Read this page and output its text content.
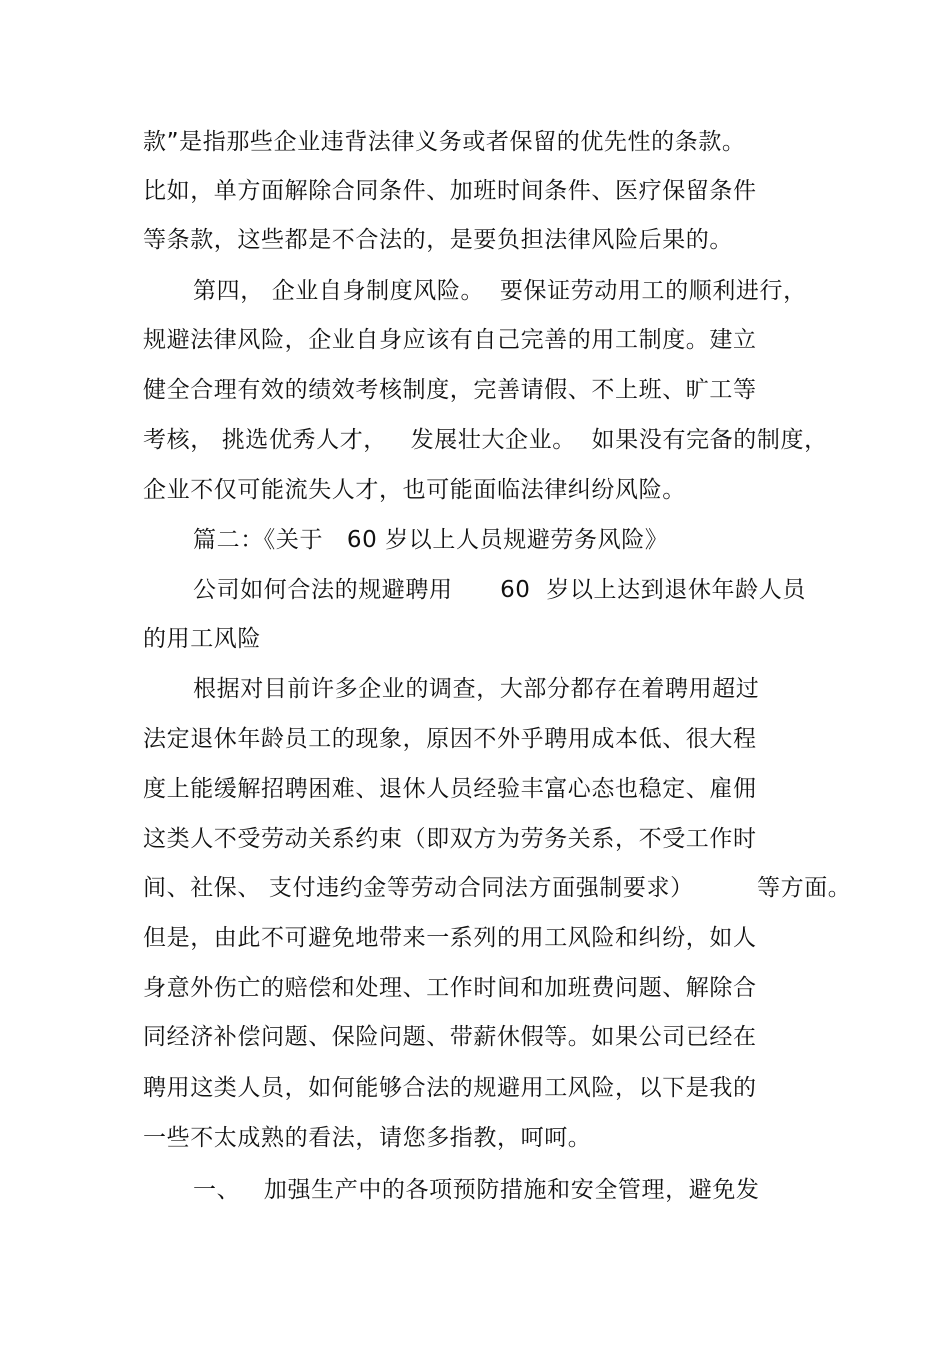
款”是指那些企业违背法律义务或者保留的优先性的条款。
比如，单方面解除合同条件、加班时间条件、医疗保留条件
等条款，这些都是不合法的，是要负担法律风险后果的。
第四， 企业自身制度风险。  要保证劳动用工的顺利进行，
规避法律风险，企业自身应该有自己完善的用工制度。建立
健全合理有效的绩效考核制度，完善请假、不上班、旷工等
考核， 挑选优秀人才，   发展壮大企业。  如果没有完备的制度，
企业不仅可能流失人才，也可能面临法律纠纷风险。
篇二：《关于   60 岁以上人员规避劳务风险》
公司如何合法的规避聘用      60  岁以上达到退休年龄人员
的用工风险
根据对目前许多企业的调查，大部分都存在着聘用超过
法定退休年龄员工的现象，原因不外乎聘用成本低、很大程
度上能缓解招聘困难、退休人员经验丰富心态也稳定、雇佣
这类人不受劳动关系约束（即双方为劳务关系，不受工作时
间、社保、 支付违约金等劳动合同法方面强制要求）        等方面。
但是，由此不可避免地带来一系列的用工风险和纠纷，如人
身意外伤亡的赔偿和处理、工作时间和加班费问题、解除合
同经济补偿问题、保险问题、带薪休假等。如果公司已经在
聘用这类人员，如何能够合法的规避用工风险，以下是我的
一些不太成熟的看法，请您多指教，呵呵。
一、   加强生产中的各项预防措施和安全管理，避免发
